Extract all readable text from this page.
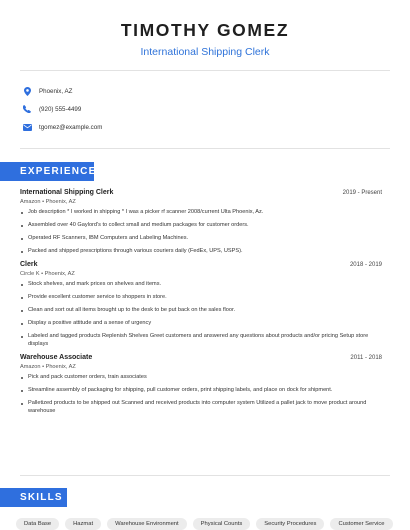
TIMOTHY GOMEZ
International Shipping Clerk
Phoenix, AZ
(920) 555-4499
tgomez@example.com
EXPERIENCE
International Shipping Clerk	2019 - Present
Amazon • Phoenix, AZ
Job description * I worked in shipping * I was a picker rf scanner 2008/current Ulta Phoenix, Az.
Assembled over 40 Gaylord's to collect small and medium packages for customer orders.
Operated RF Scanners, IBM Computers and Labeling Machines.
Packed and shipped prescriptions through various couriers daily (FedEx, UPS, USPS).
Clerk	2018 - 2019
Circle K • Phoenix, AZ
Stock shelves, and mark prices on shelves and items.
Provide excellent customer service to shoppers in store.
Clean and sort out all items brought up to the desk to be put back on the sales floor.
Display a positive attitude and a sense of urgency
Labeled and tagged products Replenish Shelves Greet customers and answered any questions about products and/or pricing Setup store displays
Warehouse Associate	2011 - 2018
Amazon • Phoenix, AZ
Pick and pack customer orders, train associates
Streamline assembly of packaging for shipping, pull customer orders, print shipping labels, and place on dock for shipment.
Palletized products to be shipped out Scanned and received products into computer system Utilized a pallet jack to move product around warehouse
SKILLS
Data Base	Hazmat	Warehouse Environment	Physical Counts	Security Procedures	Customer Service
